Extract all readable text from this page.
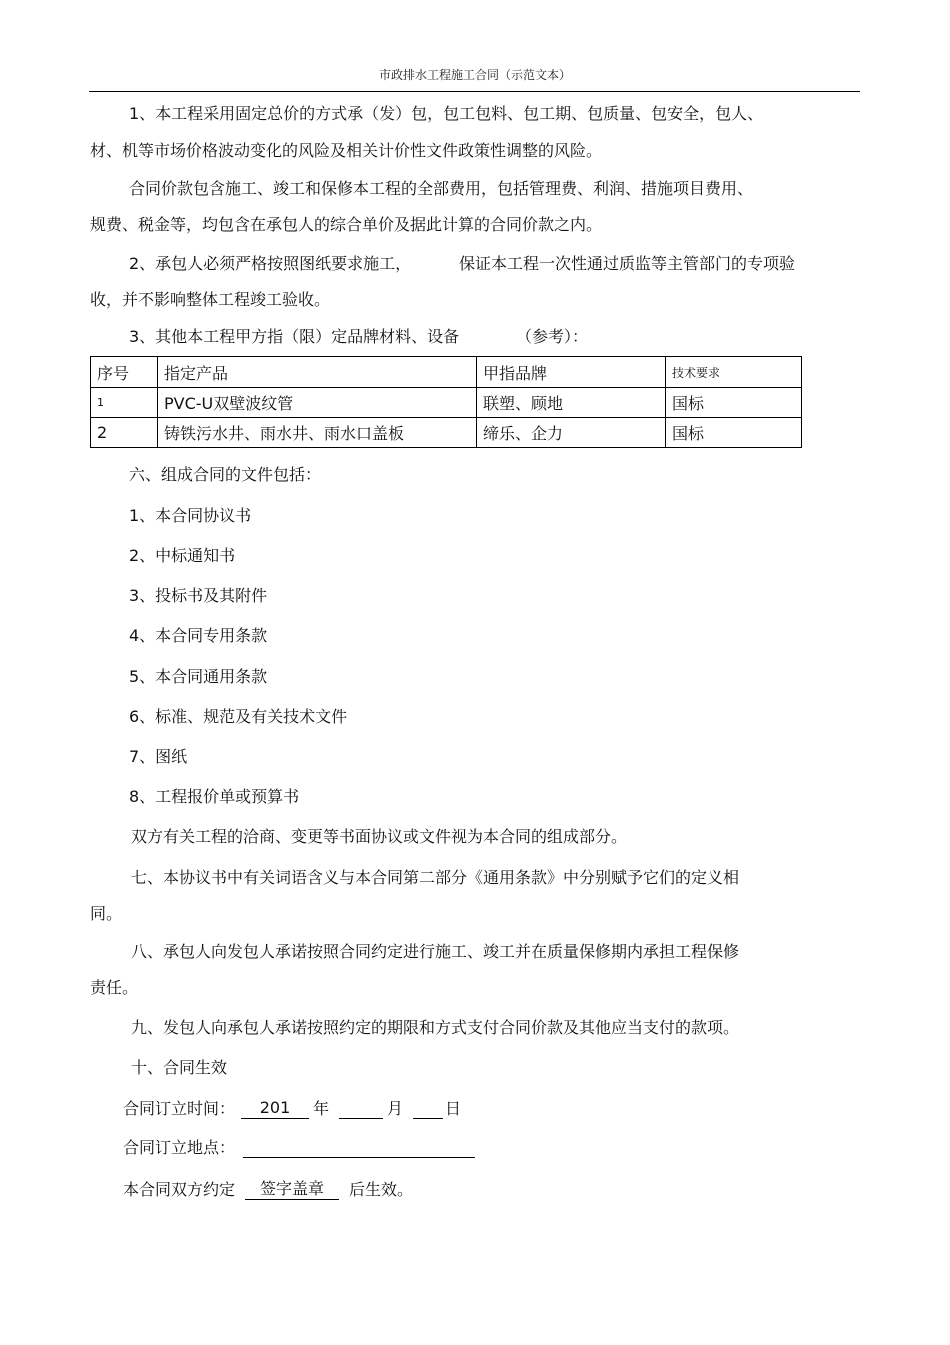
市政排水工程施工合同（示范文本）
1、本工程采用固定总价的方式承（发）包，包工包料、包工期、包质量、包安全，包人、
材、机等市场价格波动变化的风险及相关计价性文件政策性调整的风险。
合同价款包含施工、竣工和保修本工程的全部费用，包括管理费、利润、措施项目费用、
规费、税金等，均包含在承包人的综合单价及据此计算的合同价款之内。
2、承包人必须严格按照图纸要求施工，	保证本工程一次性通过质监等主管部门的专项验
收，并不影响整体工程竣工验收。
3、其他本工程甲方指（限）定品牌材料、设备	（参考）：
序号	指定产品	甲指品牌	技术要求
1	PVC-U双壁波纹管	联塑、顾地	国标
2	铸铁污水井、雨水井、雨水口盖板	缔乐、企力	国标
六、组成合同的文件包括：
1、本合同协议书
2、中标通知书
3、投标书及其附件
4、本合同专用条款
5、本合同通用条款
6、标准、规范及有关技术文件
7、图纸
8、工程报价单或预算书
双方有关工程的洽商、变更等书面协议或文件视为本合同的组成部分。
七、本协议书中有关词语含义与本合同第二部分《通用条款》中分别赋予它们的定义相
同。
八、承包人向发包人承诺按照合同约定进行施工、竣工并在质量保修期内承担工程保修
责任。
九、发包人向承包人承诺按照约定的期限和方式支付合同价款及其他应当支付的款项。
十、合同生效
合同订立时间： 201 年	月	日
合同订立地点：
本合同双方约定 签字盖章 后生效。
